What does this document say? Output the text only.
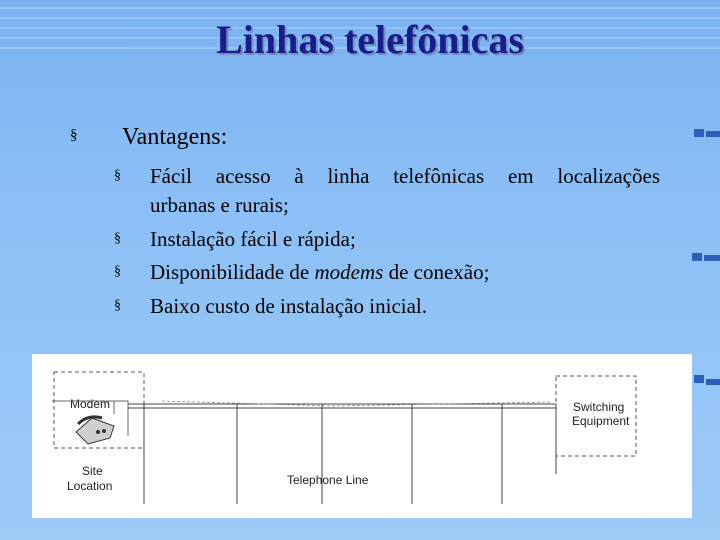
Linhas telefônicas
§ Vantagens:
§ Fácil acesso à linha telefônicas em localizações
urbanas e rurais;
§ Instalação fácil e rápida;
§ Disponibilidade de modems de conexão;
§ Baixo custo de instalação inicial.
Modem
Site
Location	Telephone Line
Switching
Equipment
